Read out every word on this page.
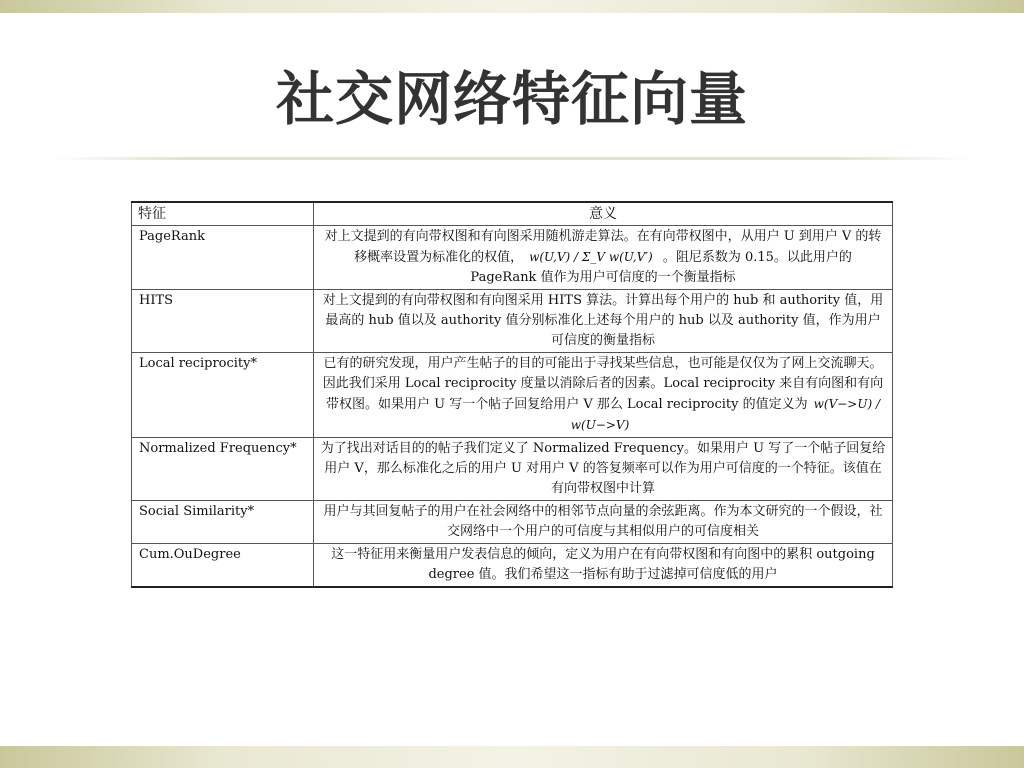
社交网络特征向量
特征	意义
PageRank	对上文提到的有向带权图和有向图采用随机游走算法。在有向带权图中，从用户 U 到用户 V 的转移概率设置为标准化的权值， w(U,V) / Σ_V w(U,V′) 。阻尼系数为 0.15。以此用户的 PageRank 值作为用户可信度的一个衡量指标
HITS	对上文提到的有向带权图和有向图采用 HITS 算法。计算出每个用户的 hub 和 authority 值，用最高的 hub 值以及 authority 值分别标准化上述每个用户的 hub 以及 authority 值，作为用户可信度的衡量指标
Local reciprocity*	已有的研究发现，用户产生帖子的目的可能出于寻找某些信息，也可能是仅仅为了网上交流聊天。因此我们采用 Local reciprocity 度量以消除后者的因素。Local reciprocity 来自有向图和有向带权图。如果用户 U 写一个帖子回复给用户 V 那么 Local reciprocity 的值定义为 w(V−>U) / w(U−>V)
Normalized Frequency*	为了找出对话目的的帖子我们定义了 Normalized Frequency。如果用户 U 写了一个帖子回复给用户 V，那么标准化之后的用户 U 对用户 V 的答复频率可以作为用户可信度的一个特征。该值在有向带权图中计算
Social Similarity*	用户与其回复帖子的用户在社会网络中的相邻节点向量的余弦距离。作为本文研究的一个假设，社交网络中一个用户的可信度与其相似用户的可信度相关
Cum.OuDegree	这一特征用来衡量用户发表信息的倾向，定义为用户在有向带权图和有向图中的累积 outgoing degree 值。我们希望这一指标有助于过滤掉可信度低的用户
